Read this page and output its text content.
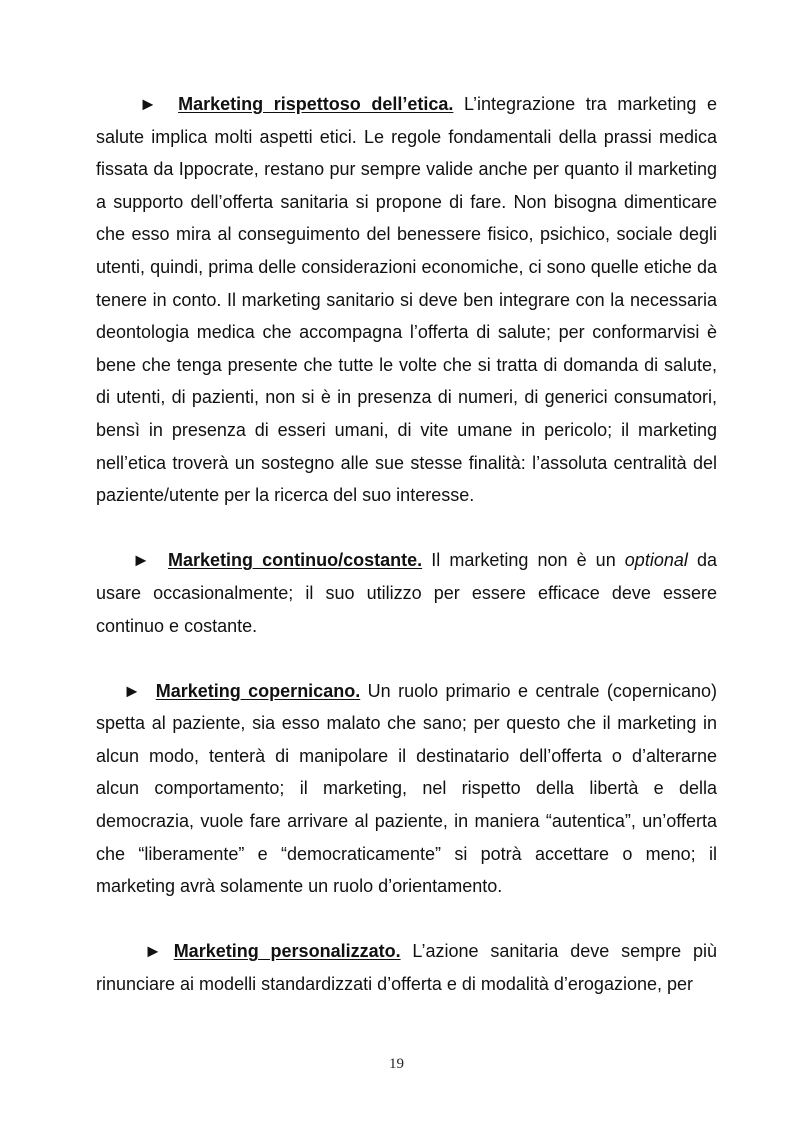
► Marketing rispettoso dell’etica. L’integrazione tra marketing e salute implica molti aspetti etici. Le regole fondamentali della prassi medica fissata da Ippocrate, restano pur sempre valide anche per quanto il marketing a supporto dell’offerta sanitaria si propone di fare. Non bisogna dimenticare che esso mira al conseguimento del benessere fisico, psichico, sociale degli utenti, quindi, prima delle considerazioni economiche, ci sono quelle etiche da tenere in conto. Il marketing sanitario si deve ben integrare con la necessaria deontologia medica che accompagna l’offerta di salute; per conformarvisi è bene che tenga presente che tutte le volte che si tratta di domanda di salute, di utenti, di pazienti, non si è in presenza di numeri, di generici consumatori, bensì in presenza di esseri umani, di vite umane in pericolo; il marketing nell’etica troverà un sostegno alle sue stesse finalità: l’assoluta centralità del paziente/utente per la ricerca del suo interesse.

► Marketing continuo/costante. Il marketing non è un optional da usare occasionalmente; il suo utilizzo per essere efficace deve essere continuo e costante.

► Marketing copernicano. Un ruolo primario e centrale (copernicano) spetta al paziente, sia esso malato che sano; per questo che il marketing in alcun modo, tenterà di manipolare il destinatario dell’offerta o d’alterarne alcun comportamento; il marketing, nel rispetto della libertà e della democrazia, vuole fare arrivare al paziente, in maniera “autentica”, un’offerta che “liberamente” e “democraticamente” si potrà accettare o meno; il marketing avrà solamente un ruolo d’orientamento.

► Marketing personalizzato. L’azione sanitaria deve sempre più rinunciare ai modelli standardizzati d’offerta e di modalità d’erogazione, per

19
